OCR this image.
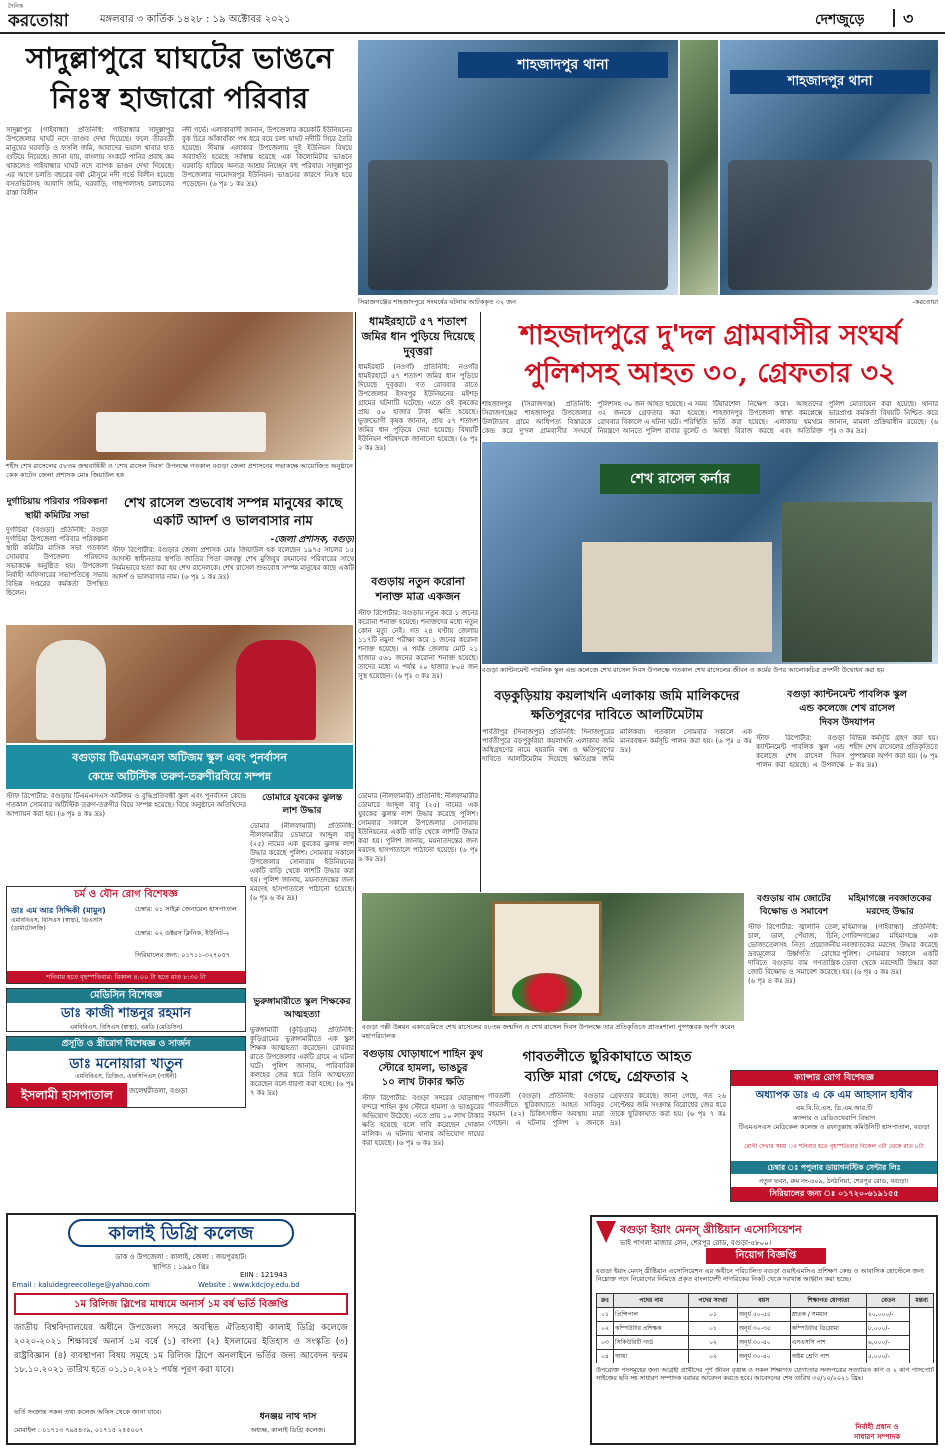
দৈনিক
করতোয়া	মঙ্গলবার ৩ কার্তিক ১৪২৮ : ১৯ অক্টোবর ২০২১	দেশজুড়ে ৩
সাদুল্লাপুরে ঘাঘটের ভাঙনে
নিঃস্ব হাজারো পরিবার
সাদুল্লাপুর (গাইবান্ধা) প্রতিনিধি: গাইবান্ধার সাদুল্লাপুর উপজেলার ঘাঘট নদে তাণ্ডব দেখা দিয়েছে। ফলে তীরবর্তী মানুষের ঘরবাড়ি ও ফসলি জমি, আবাদের ভয়াল থাবার হাত গুটিয়ে নিয়েছে। জানা যায়, বাংলায় সংকটে পানির প্রবাহ কম থাকলেও গাইবান্ধার ঘাঘট নদে ব্যাপক ভাঙন দেখা দিয়েছে। এর আগে চলতি বছরের বর্ষা মৌসুমে নদী গর্ভে বিলীন হয়েছে বসতভিটাসহ আবাদি জমি, ঘরবাড়ি, গাছপালাসহ চলাচলের রাস্তা বিলীন
নদী গর্ভে। এলাকাবাসী জানান, উপজেলার কয়েকটি ইউনিয়নের বুক চিরে আঁকাবাঁকা পথ ধরে বয়ে চলা ঘাঘট নদীটি সিরে তৈরি হয়েছে। সীমান্ত এলাকার উপজেলায় দুই ইউনিয়ন বিষয়ে অব্যাহতি হয়েছে সর্বস্বান্ত হয়েছে এক কিলোমিটার ভাঙনে ঘরবাড়ি হারিয়ে অন্যত্র আশ্রয় নিচ্ছেন বহু পরিবার। সাদুল্লাপুর উপজেলার দামোদরপুর ইউনিয়ন। ভাঙনের কারণে নিঃস্ব হয়ে পড়েছেন। (৬ পৃঃ ১ কঃ দ্রঃ)
শাহজাদপুর থানা
শাহজাদপুর থানা
সিরাজগঞ্জের শাহজাদপুরে সংঘর্ষের ঘটনায় আটককৃত ৩২ জন	-করতোয়া
শহীদ শেখ রাসেলের ৫৮তম জন্মবার্ষিকী ও 'শেখ রাসেল দিবস' উপলক্ষে গতকাল বগুড়া জেলা প্রশাসনের সভাকক্ষে আয়োজিত অনুষ্ঠানে কেক কাটেন জেলা প্রশাসক মোঃ জিয়াউল হক
ধামইরহাটে ৫৭ শতাংশ
জমির ধান পুড়িয়ে দিয়েছে
দুবৃত্তরা
ধামইরহাট (নওগাঁ) প্রতিনিধি: নওগাঁর ধামইরহাটে ৫৭ শতাংশ জমির ধান পুড়িয়ে দিয়েছে দুবৃত্তরা। গত রোববার রাতে উপজেলার ইসবপুর ইউনিয়নের মইশড় গ্রামের ঘটনাটি ঘটেছে। এতে ওই কৃষকের প্রায় ৫০ হাজার টাকা ক্ষতি হয়েছে। ভুক্তভোগী কৃষক জানান, প্রায় ৫৭ শতাংশ জমির ধান পুড়িয়ে দেয়া হয়েছে। বিষয়টি ইউনিয়ন পরিষদকে জানানো হয়েছে। (৬ পৃঃ ২ কঃ দ্রঃ)
শাহজাদপুরে দু'দল গ্রামবাসীর সংঘর্ষ
পুলিশসহ আহত ৩০, গ্রেফতার ৩২
শাহজাদপুর (সিরাজগঞ্জ) প্রতিনিধি: সিরাজগঞ্জের শাহজাদপুর উপজেলার উলটাডাব গ্রামে আধিপত্য বিস্তারকে কেন্দ্র করে দু'দল গ্রামবাসীর সংঘর্ষে পুলিশসহ ৩০ জন আহত হয়েছে। এ সময় ৩২ জনকে গ্রেফতার করা হয়েছে। রোববার বিকালে এ ঘটনা ঘটে। পরিস্থিতি নিয়ন্ত্রণে আনতে পুলিশ রাবার বুলেট ও টিয়ারশেল নিক্ষেপ করে। আহতদের শাহজাদপুর উপজেলা স্বাস্থ্য কমপ্লেক্সে ভর্তি করা হয়েছে। এলাকায় থমথমে অবস্থা বিরাজ করছে এবং অতিরিক্ত পুলিশ মোতায়েন করা হয়েছে। থানার ভারপ্রাপ্ত কর্মকর্তা বিষয়টি নিশ্চিত করে জানান, মামলা প্রক্রিয়াধীন রয়েছে। (৬ পৃঃ ৩ কঃ দ্রঃ)
দুর্গাচিয়ায় পরিবার পরিকল্পনা
স্থায়ী কমিটির সভা
দুর্গাচিয়া (বগুড়া) প্রতিনিধি: বগুড়া দুর্গাচিয়া উপজেলা পরিবার পরিকল্পনা স্থায়ী কমিটির মাসিক সভা গতকাল সোমবার উপজেলা পরিষদের সভাকক্ষে অনুষ্ঠিত হয়। উপজেলা নির্বাহী অফিসারের সভাপতিত্বে সভায় বিভিন্ন দপ্তরের কর্মকর্তা উপস্থিত ছিলেন।
শেখ রাসেল শুভবোধ সম্পন্ন মানুষের কাছে
একটি আদর্শ ও ভালবাসার নাম
-জেলা প্রশাসক, বগুড়া
স্টাফ রিপোর্টার: বগুড়ার জেলা প্রশাসক মোঃ জিয়াউল হক বলেছেন ১৯৭৫ সালের ১৫ আগস্ট স্বাধীনতার স্থপতি জাতির পিতা বঙ্গবন্ধু শেখ মুজিবুর রহমানের পরিবারের সাথে নির্মমভাবে হত্যা করা হয় শেখ রাসেলকে। শেখ রাসেল শুভবোধ সম্পন্ন মানুষের কাছে একটি আদর্শ ও ভালবাসার নাম। (৬ পৃঃ ১ কঃ দ্রঃ)	বগুড়ায় নতুন করোনা
শনাক্ত মাত্র একজন
স্টাফ রিপোর্টার: বগুড়ায় নতুন করে ১ জনের করোনা শনাক্ত হয়েছে। শনাক্তদের মধ্যে নতুন কোন মৃত্যু নেই। গত ২৪ ঘণ্টায় জেলায় ১১৭টি নমুনা পরীক্ষা করে ১ জনের করোনা শনাক্ত হয়েছে। এ পর্যন্ত জেলায় মোট ২১ হাজার ৫৬১ জনের করোনা শনাক্ত হয়েছে। তাদের মধ্যে এ পর্যন্ত ২০ হাজার ৮০৪ জন সুস্থ হয়েছেন। (৬ পৃঃ ৩ কঃ দ্রঃ)
শেখ রাসেল কর্নার
বগুড়া ক্যান্টনমেন্ট পাবলিক স্কুল এন্ড কলেজে শেখ রাসেল দিবস উপলক্ষে গতকাল শেখ রাসেলের জীবন ও কর্মের উপর আলোকচিত্র প্রদর্শনী উদ্বোধন করা হয়
বগুড়ায় টিএমএসএস অটিজম স্কুল এবং পুনর্বাসন
কেন্দ্রে অটিস্টিক তরুণ-তরুণীরবিয়ে সম্পন্ন
স্টাফ রিপোর্টার: বগুড়ায় টিএমএসএস অটিজম ও বুদ্ধিপ্রতিবন্ধী স্কুল এবং পুনর্বাসন কেন্দ্রে গতকাল সোমবার অটিস্টিক তরুণ-তরুণীর বিয়ে সম্পন্ন হয়েছে। বিয়ে অনুষ্ঠানে অতিথিদের আপ্যায়ন করা হয়। (৬ পৃঃ ৪ কঃ দ্রঃ)
ডোমারে যুবকের ঝুলন্ত
লাশ উদ্ধার
ডোমার (নীলফামারী) প্রতিনিধি: নীলফামারীর ডোমারে আব্দুল বাবু (২৫) নামের এক যুবকের ঝুলন্ত লাশ উদ্ধার করেছে পুলিশ। সোমবার সকালে উপজেলার সোনারায় ইউনিয়নের একটি বাড়ি থেকে লাশটি উদ্ধার করা হয়। পুলিশ জানায়, ময়নাতদন্তের জন্য মরদেহ হাসপাতালে পাঠানো হয়েছে। (৬ পৃঃ ৬ কঃ দ্রঃ)
ডোমার (নীলফামারী) প্রতিনিধি: নীলফামারীর ডোমারে আব্দুল বাবু (২৫) নামের এক যুবকের ঝুলন্ত লাশ উদ্ধার করেছে পুলিশ। সোমবার সকালে উপজেলার সোনারায় ইউনিয়নের একটি বাড়ি থেকে লাশটি উদ্ধার করা হয়। পুলিশ জানায়, ময়নাতদন্তের জন্য মরদেহ হাসপাতালে পাঠানো হয়েছে। (৬ পৃঃ ৬ কঃ দ্রঃ)
ভুরুঙ্গামারীতে স্কুল শিক্ষকের
আত্মহত্যা
ভুরুঙ্গামারী (কুড়িগ্রাম) প্রতিনিধি: কুড়িগ্রামের ভুরুঙ্গামারীতে এক স্কুল শিক্ষক আত্মহত্যা করেছেন। রোববার রাতে উপজেলার একটি গ্রামে এ ঘটনা ঘটে। পুলিশ জানায়, পারিবারিক কলহের জের ধরে তিনি আত্মহত্যা করেছেন বলে ধারণা করা হচ্ছে। (৬ পৃঃ ৭ কঃ দ্রঃ)
চর্ম ও যৌন রোগ বিশেষজ্ঞ
ডাঃ এম আর সিদ্দিকী (মামুন)
এমবিবিএস, বিসিএস (স্বাস্থ্য), ডিএসসি (ডার্মাটোলজি)
চেম্বার: ০১ সাইক্ল জেনারেল হাসপাতাল
চেম্বার: ০২ ডক্টরস ক্লিনিক, ইউনিট-২
সিরিয়ালের জন্য: ০১৭১১-৩২৭০৫৭
শনিবার হতে বৃহস্পতিবার: বিকাল ৪:০০ টা হতে রাত ৮:৩০ টা
মেডিসিন বিশেষজ্ঞ
ডাঃ কাজী শান্তনুর রহমান
এমবিবিএস, বিসিএস (স্বাস্থ্য), এমডি (মেডিসিন)
প্রসূতি ও স্ত্রীরোগ বিশেষজ্ঞ ও সার্জন
ডাঃ মনোয়ারা খাতুন
এমবিবিএস, ডিজিও, এফসিপিএস (গাইনী)
ইসলামী হাসপাতাল	জলেশ্বরীতলা, বগুড়া
বগুড়া পল্লী উন্নয়ন একাডেমিতে শেখ রাসেলের ৫৮তম জন্মদিন ও শেখ রাসেল দিবস উপলক্ষে তার প্রতিকৃতিতে প্রাতঃশালা পুষ্পস্তবক অর্পণ করেন মহাপরিচালক
বড়কুড়িয়ায় কয়লাখনি এলাকায় জমি মালিকদের
ক্ষতিপূরণের দাবিতে আলটিমেটাম
পার্বতীপুর (দিনাজপুর) প্রতিনিধি: দিনাজপুরের পার্বতীপুরে বড়পুকুরিয়া কয়লাখনি এলাকায় জমি অধিগ্রহণের নামে হয়রানি বন্ধ ও ক্ষতিপূরণের দাবিতে আলটিমেটাম দিয়েছে ক্ষতিগ্রস্ত জমি মালিকরা। গতকাল সোমবার সকালে এক মানববন্ধন কর্মসূচি পালন করা হয়। (৬ পৃঃ ৫ কঃ দ্রঃ)
বগুড়া ক্যান্টনমেন্ট পাবলিক স্কুল
এন্ড কলেজে শেখ রাসেল
দিবস উদযাপন
স্টাফ রিপোর্টার: বগুড়া ক্যান্টনমেন্ট পাবলিক স্কুল এন্ড কলেজে শেখ রাসেল দিবস পালন করা হয়েছে। এ উপলক্ষে বিভিন্ন কর্মসূচি গ্রহণ করা হয়। শহীদ শেখ রাসেলের প্রতিকৃতিতে পুষ্পস্তবক অর্পণ করা হয়। (৬ পৃঃ ৮ কঃ দ্রঃ)
বগুড়ায় বাম জোটের
বিক্ষোভ ও সমাবেশ
স্টাফ রিপোর্টার: জ্বালানি তেল, চাল, ডাল, পেঁয়াজ, চিনি, ভোজ্যতেলসহ নিত্য প্রয়োজনীয় দ্রব্যমূল্যের উর্ধ্বগতি রোধের দাবিতে বগুড়ায় বাম গণতান্ত্রিক জোট বিক্ষোভ ও সমাবেশ করেছে। (৬ পৃঃ ৪ কঃ দ্রঃ)
মহিমাগঞ্জে নবজাতকের
মরদেহ উদ্ধার
মহিমাগঞ্জ (গাইবান্ধা) প্রতিনিধি: গোবিন্দগঞ্জের মহিমাগঞ্জে এক নবজাতকের মরদেহ উদ্ধার করেছে পুলিশ। সোমবার সকালে একটি ডোবা থেকে মরদেহটি উদ্ধার করা হয়। (৬ পৃঃ ৫ কঃ দ্রঃ)
বগুড়ায় ঘোড়াধাপে শাহিন কুথ
স্টোরে হামলা, ভাঙচুর
১০ লাখ টাকার ক্ষতি
স্টাফ রিপোর্টার: বগুড়া সদরের ঘোড়াধাপ বন্দরে শাহিন কুথ স্টোরে হামলা ও ভাঙচুরের অভিযোগ উঠেছে। এতে প্রায় ১০ লাখ টাকার ক্ষতি হয়েছে বলে দাবি করেছেন দোকান মালিক। এ ঘটনায় থানায় অভিযোগ দায়ের করা হয়েছে। (৬ পৃঃ ৬ কঃ দ্রঃ)
গাবতলীতে ছুরিকাঘাতে আহত
ব্যক্তি মারা গেছে, গ্রেফতার ২
গাবতলী (বগুড়া) প্রতিনিধি: বগুড়ার গাবতলীতে ছুরিকাঘাতে আহত সাবিনুর রহমান (৫২) চিকিৎসাধীন অবস্থায় মারা গেছেন। এ ঘটনায় পুলিশ ২ জনকে গ্রেফতার করেছে। জানা গেছে, গত ২৬ সেপ্টেম্বর জমি সংক্রান্ত বিরোধের জের ধরে তাকে ছুরিকাঘাত করা হয়। (৬ পৃঃ ৭ কঃ দ্রঃ)
ক্যান্সার রোগ বিশেষজ্ঞ
অধ্যাপক ডাঃ এ কে এম আহসান হাবীব
এম.বি.বি.এস, ডি.এম.আর.টি
ক্যান্সার ও রেডিওথেরাপি বিভাগ
টিএমএসএস মেডিকেল কলেজ ও রফাতুল্লাহ কমিউনিটি হাসপাতাল, বগুড়া
রোগী দেখার সময় ঃ শনিবার হতে বৃহস্পতিবার বিকেল ৩টা থেকে রাত ৮টা
চেম্বার ঃ পপুলার ডায়াগনস্টিক সেন্টার লিঃ
নতুন ভবন, রুম নং-৬০৯, ঠনঠনিয়া, শেরপুর রোড, বগুড়া।
সিরিয়ালের জন্য ঃ ০১৭২০-৬১৯১৫৫
কালাই ডিগ্রি কলেজ
ডাক ও উপজেলা : কালাই, জেলা : জয়পুরহাট।
স্থাপিত : ১৯৯৩ খ্রিঃ
EIIN : 121943
Email : kaluidegreecollege@yahoo.com	Website : www.kdcjoy.edu.bd
১ম রিলিজ স্লিপের মাধ্যমে অনার্স ১ম বর্ষ ভর্তি বিজ্ঞপ্তি
জাতীয় বিশ্ববিদ্যালয়ের অধীনে উপজেলা সদরে অবস্থিত ঐতিহ্যবাহী কালাই ডিগ্রি কলেজে ২০২০-২০২১ শিক্ষাবর্ষে অনার্স ১ম বর্ষে (১) বাংলা (২) ইসলামের ইতিহাস ও সংস্কৃতি (৩) রাষ্ট্রবিজ্ঞান (৪) ব্যবস্থাপনা বিষয় সমূহে ১ম রিলিজ স্লিপে অনলাইনে ভর্তির জন্য আবেদন ফরম ১৮.১০.২০২১ তারিখ হতে ০১.১০.২০২১ পর্যন্ত পূরণ করা যাবে।
ভর্তি সংক্রান্ত সকল তথ্য কলেজ অফিস থেকে জানা যাবে।
মোবাইল : ০১৭১৩ ৭৯৪৪৩৯, ০১৭১৫ ২৫৫০০৭
ধনঞ্জয় নাথ দাস
অধ্যক্ষ, কালাই ডিগ্রি কলেজ।
বগুড়া ইয়াং মেনস্ খ্রীষ্টিয়ান এসোসিয়েশন
ভাই পাগলা মাজার লেন, শেরপুর রোড, বগুড়া-৫৮০০।
নিয়োগ বিজ্ঞপ্তি
বগুড়া ইয়াং মেনস্ খ্রীষ্টিয়ান এসোসিয়েশন এর অধীনে পরিচালিত বগুড়া ওয়াইএমসিএ প্রশিক্ষণ কেন্দ্র ও আবাসিক হোস্টেলে জন্য নিম্নোক্ত পদে নিয়োগের নিমিত্তে প্রকৃত বাংলাদেশী নাগরিকের নিকট থেকে দরখাস্ত আহ্বান করা হচ্ছে।
ক্রঃ	পদের নাম	পদের সংখ্যা	বয়স	শিক্ষাগত যোগ্যতা	বেতন	মন্তব্য
০১	প্রিন্সিপাল	০১	অনূর্ধ ৫০-৫৫	স্নাতক / সমমান	২০,০০০/-	
০২	কম্পিউটার প্রশিক্ষক	০১	অনূর্ধ ৩০-৩৫	কম্পিউটার ডিপ্লোমা	৮,০০০/-	
০৩	সিকিউরিটি গার্ড	০২	অনূর্ধ ৩০-৪০	এসএসসি পাশ	৬,০০০/-	
০৪	আয়া	০২	অনূর্ধ ৩০-৪০	অষ্টম শ্রেণি পাশ	৫,০০০/-	
উপরোক্ত পদসমূহের জন্য আগ্রহী প্রার্থীদের পূর্ণ জীবন বৃত্তান্ত ও সকল শিক্ষাগত যোগ্যতার সনদপত্রের সত্যায়িত কপি ও ২ কপি পাসপোর্ট সাইজের ছবি সহ সাধারণ সম্পাদক বরাবর আবেদন করতে হবে। আবেদনের শেষ তারিখ ৩০/১০/২০২১ খ্রিঃ।
নির্বাহী প্রধান ও
সাধারণ সম্পাদক
